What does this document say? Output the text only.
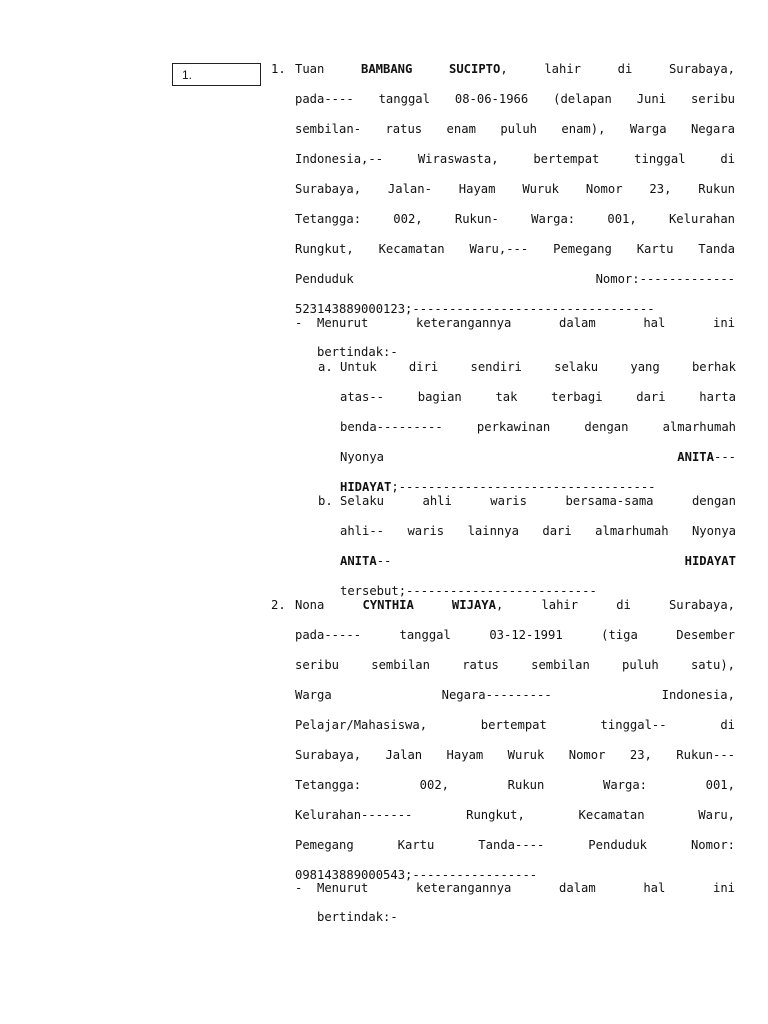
1.	1. Tuan	BAMBANG SUCIPTO, lahir di Surabaya,
pada---- tanggal 08-06-1966 (delapan Juni seribu
sembilan- ratus enam puluh enam), Warga Negara
Indonesia,-- Wiraswasta, bertempat tinggal di
Surabaya, Jalan- Hayam Wuruk Nomor 23, Rukun
Tetangga: 002, Rukun- Warga: 001, Kelurahan
Rungkut, Kecamatan Waru,--- Pemegang Kartu Tanda
Penduduk	Nomor:-------------
523143889000123;---------------------------------
- Menurut keterangannya dalam hal ini
bertindak:-
a. Untuk diri sendiri selaku yang berhak
atas-- bagian tak terbagi dari harta
benda--------- perkawinan dengan almarhumah
Nyonya	ANITA---
HIDAYAT;-----------------------------------
b. Selaku ahli waris bersama-sama dengan
ahli-- waris lainnya dari almarhumah Nyonya
ANITA--	HIDAYAT
tersebut;--------------------------
2. Nona	CYNTHIA WIJAYA, lahir di Surabaya,
pada----- tanggal 03-12-1991 (tiga Desember
seribu sembilan ratus sembilan puluh satu),
Warga Negara--------- Indonesia,
Pelajar/Mahasiswa, bertempat tinggal-- di
Surabaya, Jalan Hayam Wuruk Nomor 23, Rukun---
Tetangga: 002, Rukun Warga: 001,
Kelurahan------- Rungkut, Kecamatan Waru,
Pemegang Kartu Tanda---- Penduduk Nomor:
098143889000543;-----------------
- Menurut keterangannya dalam hal ini
bertindak:-
